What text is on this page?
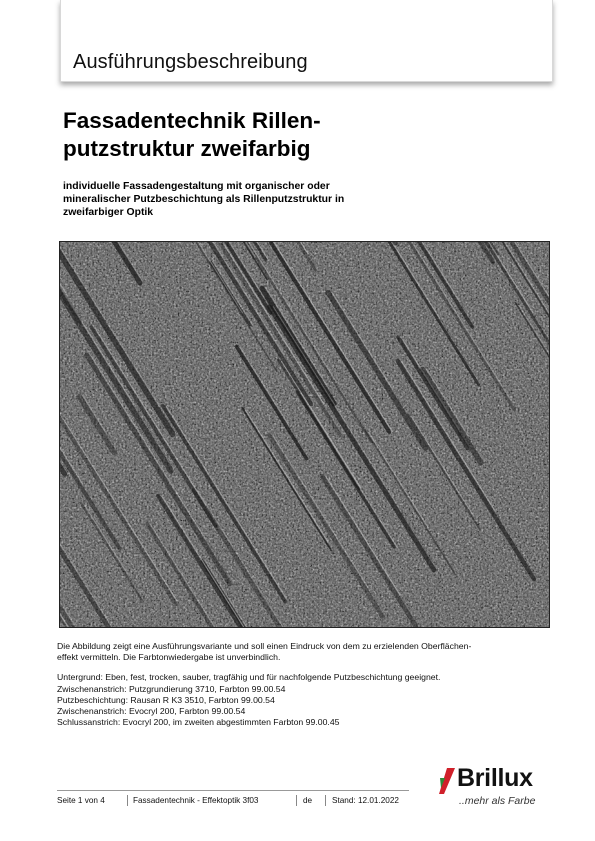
Ausführungsbeschreibung
Fassadentechnik Rillen-
putzstruktur zweifarbig
individuelle Fassadengestaltung mit organischer oder
mineralischer Putzbeschichtung als Rillenputzstruktur in
zweifarbiger Optik
Die Abbildung zeigt eine Ausführungsvariante und soll einen Eindruck von dem zu erzielenden Oberflächen-
effekt vermitteln. Die Farbtonwiedergabe ist unverbindlich.
Untergrund: Eben, fest, trocken, sauber, tragfähig und für nachfolgende Putzbeschichtung geeignet.
Zwischenanstrich: Putzgrundierung 3710, Farbton 99.00.54
Putzbeschichtung: Rausan R K3 3510, Farbton 99.00.54
Zwischenanstrich: Evocryl 200, Farbton 99.00.54
Schlussanstrich: Evocryl 200, im zweiten abgestimmten Farbton 99.00.45
Brillux
..mehr als Farbe
Seite 1 von 4	Fassadentechnik - Effektoptik 3f03	de Stand: 12.01.2022
